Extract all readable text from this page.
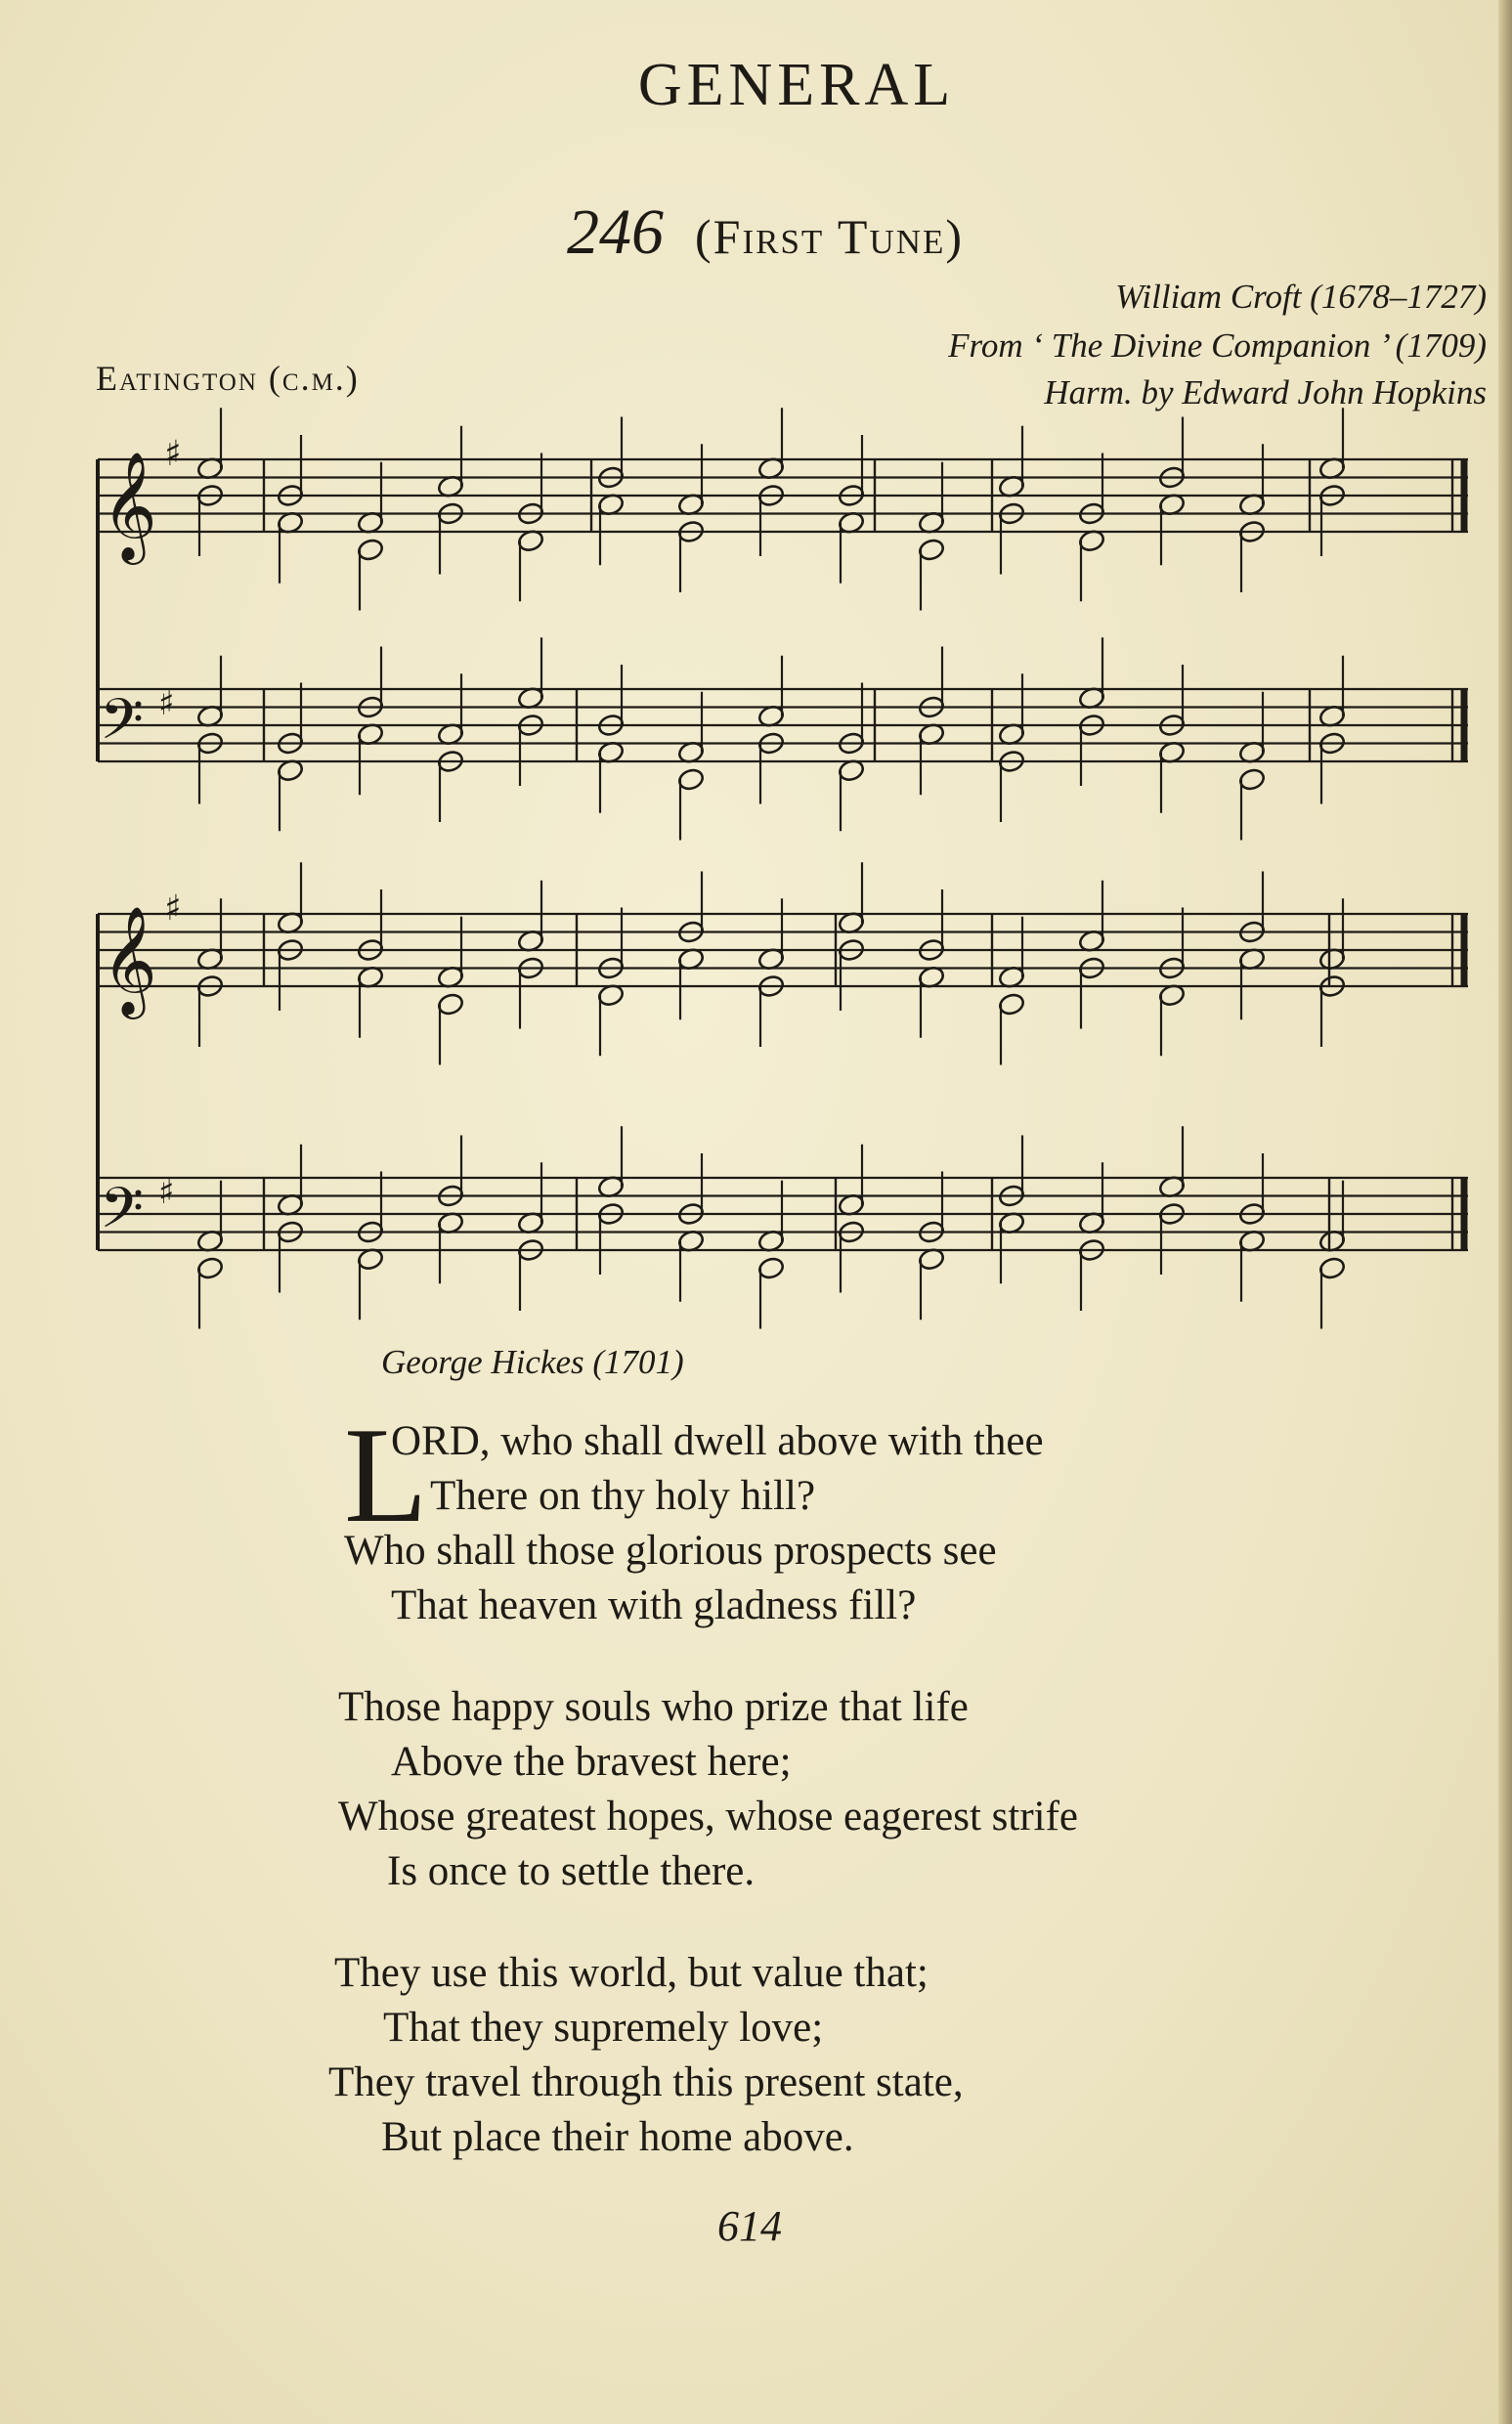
GENERAL
246 (First Tune)
William Croft (1678–1727)
From ‘ The Divine Companion ’ (1709)
Harm. by Edward John Hopkins
Eatington (c.m.)
𝄞 ♯
𝄢 ♯
𝄞 ♯
𝄢 ♯
George Hickes (1701)
L
ORD, who shall dwell above with thee
There on thy holy hill?
Who shall those glorious prospects see
That heaven with gladness fill?
Those happy souls who prize that life
Above the bravest here;
Whose greatest hopes, whose eagerest strife
Is once to settle there.
They use this world, but value that;
That they supremely love;
They travel through this present state,
But place their home above.
614
